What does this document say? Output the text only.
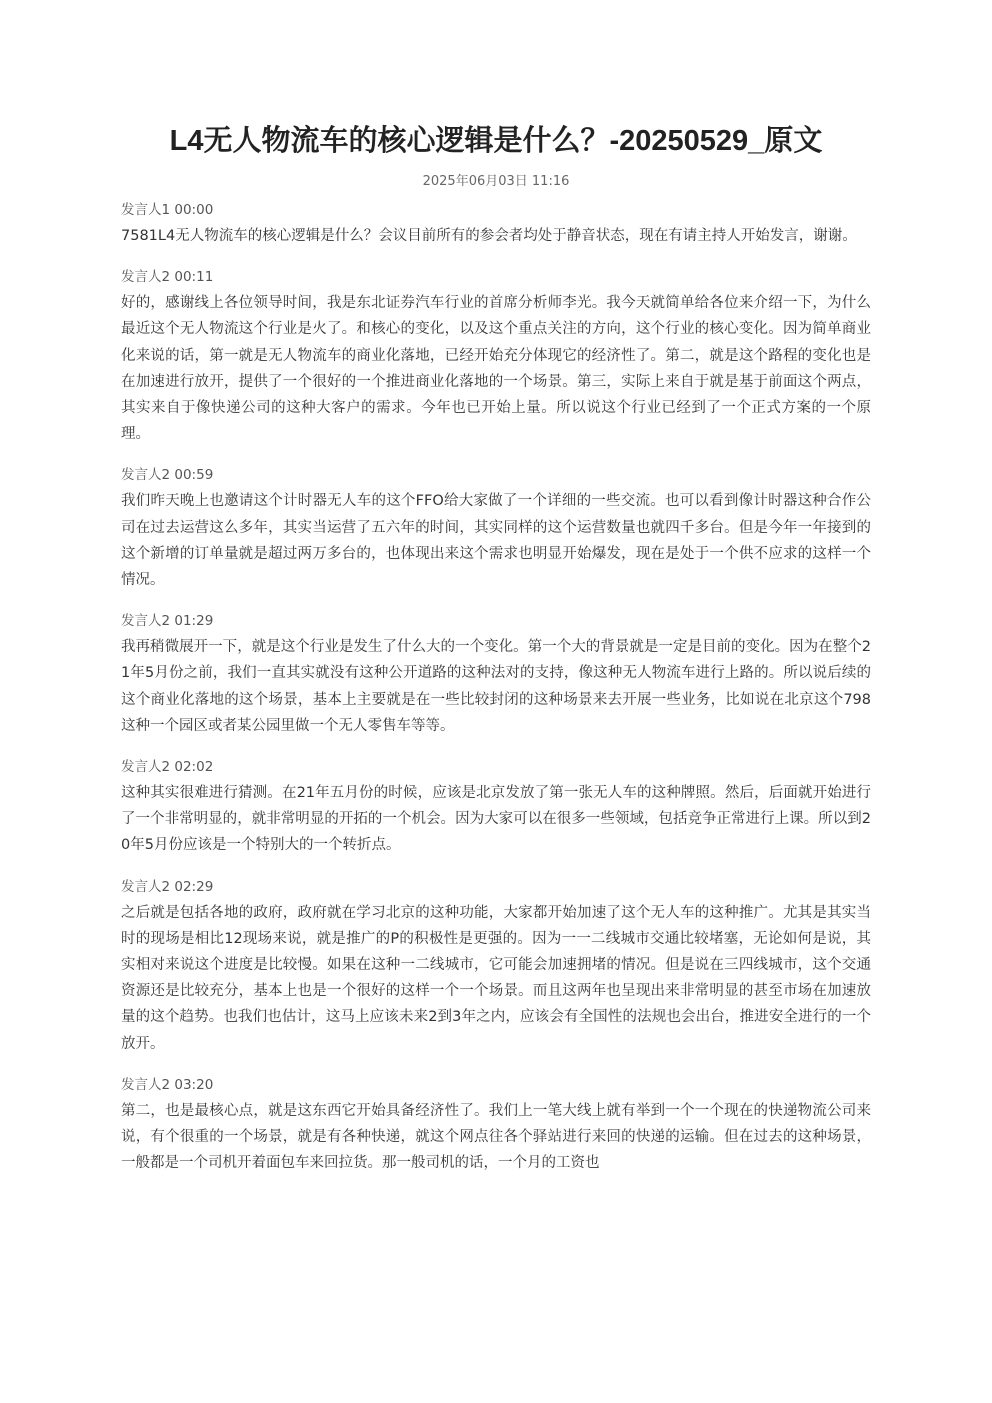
L4无人物流车的核心逻辑是什么？-20250529_原文
2025年06月03日 11:16
发言人1 00:00
7581L4无人物流车的核心逻辑是什么？会议目前所有的参会者均处于静音状态，现在有请主持人开始发言，谢谢。
发言人2 00:11
好的，感谢线上各位领导时间，我是东北证券汽车行业的首席分析师李光。我今天就简单给各位来介绍一下，为什么最近这个无人物流这个行业是火了。和核心的变化，以及这个重点关注的方向，这个行业的核心变化。因为简单商业化来说的话，第一就是无人物流车的商业化落地，已经开始充分体现它的经济性了。第二，就是这个路程的变化也是在加速进行放开，提供了一个很好的一个推进商业化落地的一个场景。第三，实际上来自于就是基于前面这个两点，其实来自于像快递公司的这种大客户的需求。今年也已开始上量。所以说这个行业已经到了一个正式方案的一个原理。
发言人2 00:59
我们昨天晚上也邀请这个计时器无人车的这个FFO给大家做了一个详细的一些交流。也可以看到像计时器这种合作公司在过去运营这么多年，其实当运营了五六年的时间，其实同样的这个运营数量也就四千多台。但是今年一年接到的这个新增的订单量就是超过两万多台的，也体现出来这个需求也明显开始爆发，现在是处于一个供不应求的这样一个情况。
发言人2 01:29
我再稍微展开一下，就是这个行业是发生了什么大的一个变化。第一个大的背景就是一定是目前的变化。因为在整个21年5月份之前，我们一直其实就没有这种公开道路的这种法对的支持，像这种无人物流车进行上路的。所以说后续的这个商业化落地的这个场景，基本上主要就是在一些比较封闭的这种场景来去开展一些业务，比如说在北京这个798这种一个园区或者某公园里做一个无人零售车等等。
发言人2 02:02
这种其实很难进行猜测。在21年五月份的时候，应该是北京发放了第一张无人车的这种牌照。然后，后面就开始进行了一个非常明显的，就非常明显的开拓的一个机会。因为大家可以在很多一些领域，包括竞争正常进行上课。所以到20年5月份应该是一个特别大的一个转折点。
发言人2 02:29
之后就是包括各地的政府，政府就在学习北京的这种功能，大家都开始加速了这个无人车的这种推广。尤其是其实当时的现场是相比12现场来说，就是推广的P的积极性是更强的。因为一一二线城市交通比较堵塞，无论如何是说，其实相对来说这个进度是比较慢。如果在这种一二线城市，它可能会加速拥堵的情况。但是说在三四线城市，这个交通资源还是比较充分，基本上也是一个很好的这样一个一个场景。而且这两年也呈现出来非常明显的甚至市场在加速放量的这个趋势。也我们也估计，这马上应该未来2到3年之内，应该会有全国性的法规也会出台，推进安全进行的一个放开。
发言人2 03:20
第二，也是最核心点，就是这东西它开始具备经济性了。我们上一笔大线上就有举到一个一个现在的快递物流公司来说，有个很重的一个场景，就是有各种快递，就这个网点往各个驿站进行来回的快递的运输。但在过去的这种场景，一般都是一个司机开着面包车来回拉货。那一般司机的话，一个月的工资也
